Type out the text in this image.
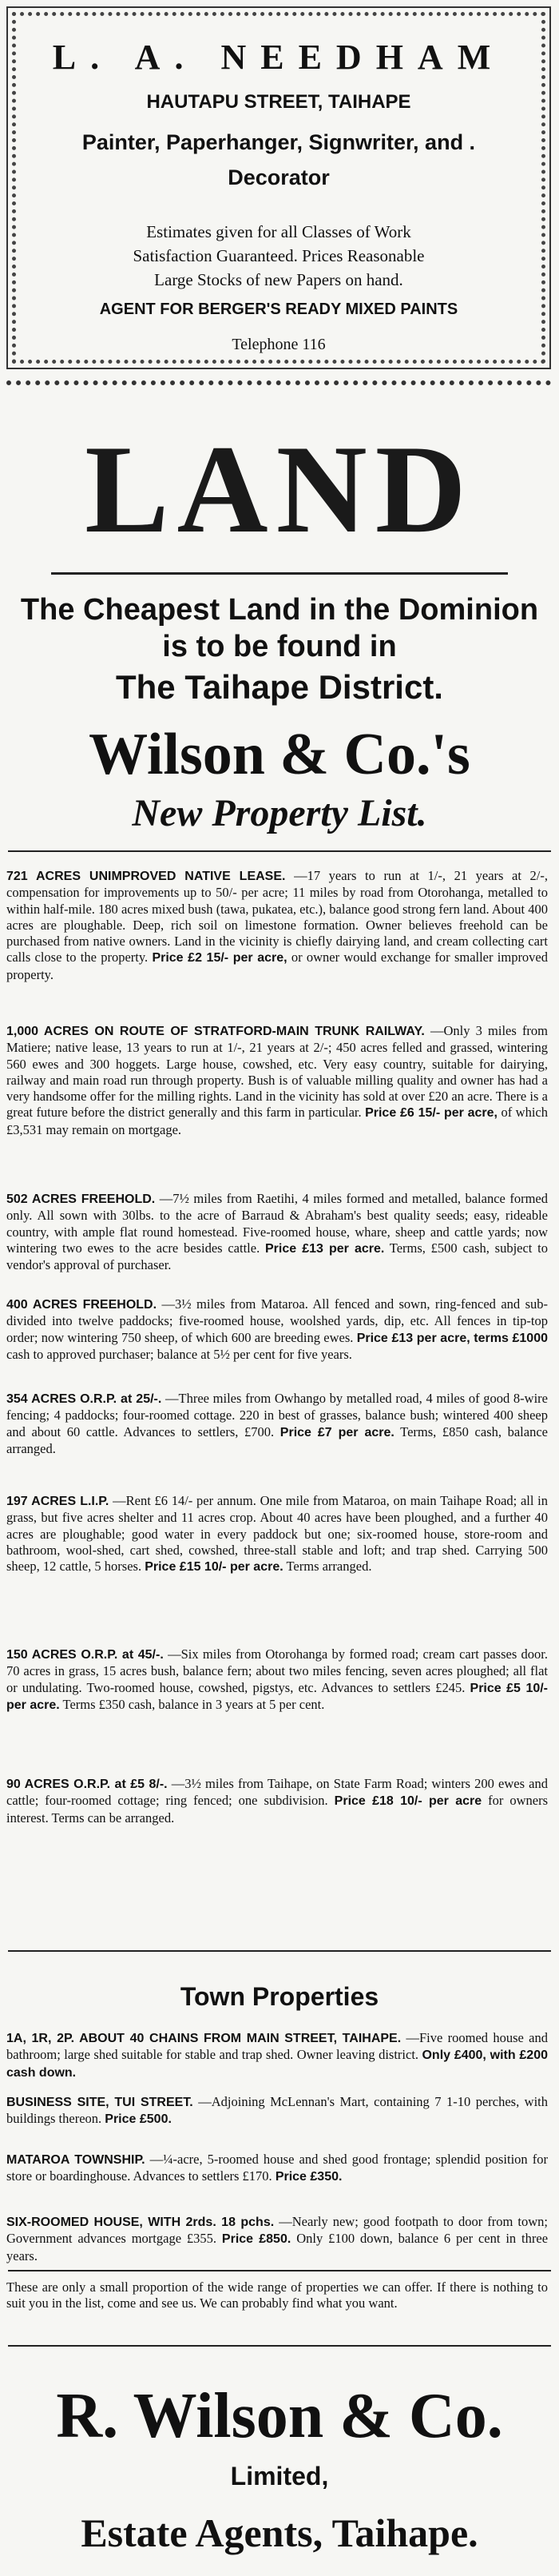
L. A. NEEDHAM
HAUTAPU STREET, TAIHAPE
Painter, Paperhanger, Signwriter, and .
Decorator
Estimates given for all Classes of Work
Satisfaction Guaranteed. Prices Reasonable
Large Stocks of new Papers on hand.
AGENT FOR BERGER'S READY MIXED PAINTS
Telephone 116
LAND
The Cheapest Land in the Dominion
is to be found in
The Taihape District.
Wilson & Co.'s
New Property List.
721 ACRES UNIMPROVED NATIVE LEASE. —17 years to run at 1/-, 21 years at 2/-, compensation for improvements up to 50/- per acre; 11 miles by road from Otorohanga, metalled to within half-mile. 180 acres mixed bush (tawa, pukatea, etc.), balance good strong fern land. About 400 acres are ploughable. Deep, rich soil on limestone formation. Owner believes freehold can be purchased from native owners. Land in the vicinity is chiefly dairying land, and cream collecting cart calls close to the property. Price £2 15/- per acre, or owner would exchange for smaller improved property.
1,000 ACRES ON ROUTE OF STRATFORD-MAIN TRUNK RAILWAY. —Only 3 miles from Matiere; native lease, 13 years to run at 1/-, 21 years at 2/-; 450 acres felled and grassed, wintering 560 ewes and 300 hoggets. Large house, cowshed, etc. Very easy country, suitable for dairying, railway and main road run through property. Bush is of valuable milling quality and owner has had a very handsome offer for the milling rights. Land in the vicinity has sold at over £20 an acre. There is a great future before the district generally and this farm in particular. Price £6 15/- per acre, of which £3,531 may remain on mortgage.
502 ACRES FREEHOLD. —7½ miles from Raetihi, 4 miles formed and metalled, balance formed only. All sown with 30lbs. to the acre of Barraud & Abraham's best quality seeds; easy, rideable country, with ample flat round homestead. Five-roomed house, whare, sheep and cattle yards; now wintering two ewes to the acre besides cattle. Price £13 per acre. Terms, £500 cash, subject to vendor's approval of purchaser.
400 ACRES FREEHOLD. —3½ miles from Mataroa. All fenced and sown, ring-fenced and sub-divided into twelve paddocks; five-roomed house, woolshed yards, dip, etc. All fences in tip-top order; now wintering 750 sheep, of which 600 are breeding ewes. Price £13 per acre, terms £1000 cash to approved purchaser; balance at 5½ per cent for five years.
354 ACRES O.R.P. at 25/-. —Three miles from Owhango by metalled road, 4 miles of good 8-wire fencing; 4 paddocks; four-roomed cottage. 220 in best of grasses, balance bush; wintered 400 sheep and about 60 cattle. Advances to settlers, £700. Price £7 per acre. Terms, £850 cash, balance arranged.
197 ACRES L.I.P. —Rent £6 14/- per annum. One mile from Mataroa, on main Taihape Road; all in grass, but five acres shelter and 11 acres crop. About 40 acres have been ploughed, and a further 40 acres are ploughable; good water in every paddock but one; six-roomed house, store-room and bathroom, wool-shed, cart shed, cowshed, three-stall stable and loft; and trap shed. Carrying 500 sheep, 12 cattle, 5 horses. Price £15 10/- per acre. Terms arranged.
150 ACRES O.R.P. at 45/-. —Six miles from Otorohanga by formed road; cream cart passes door. 70 acres in grass, 15 acres bush, balance fern; about two miles fencing, seven acres ploughed; all flat or undulating. Two-roomed house, cowshed, pigstys, etc. Advances to settlers £245. Price £5 10/- per acre. Terms £350 cash, balance in 3 years at 5 per cent.
90 ACRES O.R.P. at £5 8/-. —3½ miles from Taihape, on State Farm Road; winters 200 ewes and cattle; four-roomed cottage; ring fenced; one subdivision. Price £18 10/- per acre for owners interest. Terms can be arranged.
Town Properties
1A, 1R, 2P. ABOUT 40 CHAINS FROM MAIN STREET, TAIHAPE. —Five roomed house and bathroom; large shed suitable for stable and trap shed. Owner leaving district. Only £400, with £200 cash down.
BUSINESS SITE, TUI STREET. —Adjoining McLennan's Mart, containing 7 1-10 perches, with buildings thereon. Price £500.
MATAROA TOWNSHIP. —¼-acre, 5-roomed house and shed good frontage; splendid position for store or boardinghouse. Advances to settlers £170. Price £350.
SIX-ROOMED HOUSE, WITH 2rds. 18 pchs. —Nearly new; good footpath to door from town; Government advances mortgage £355. Price £850. Only £100 down, balance 6 per cent in three years.
These are only a small proportion of the wide range of properties we can offer. If there is nothing to suit you in the list, come and see us. We can probably find what you want.
R. Wilson & Co.
Limited,
Estate Agents, Taihape.
